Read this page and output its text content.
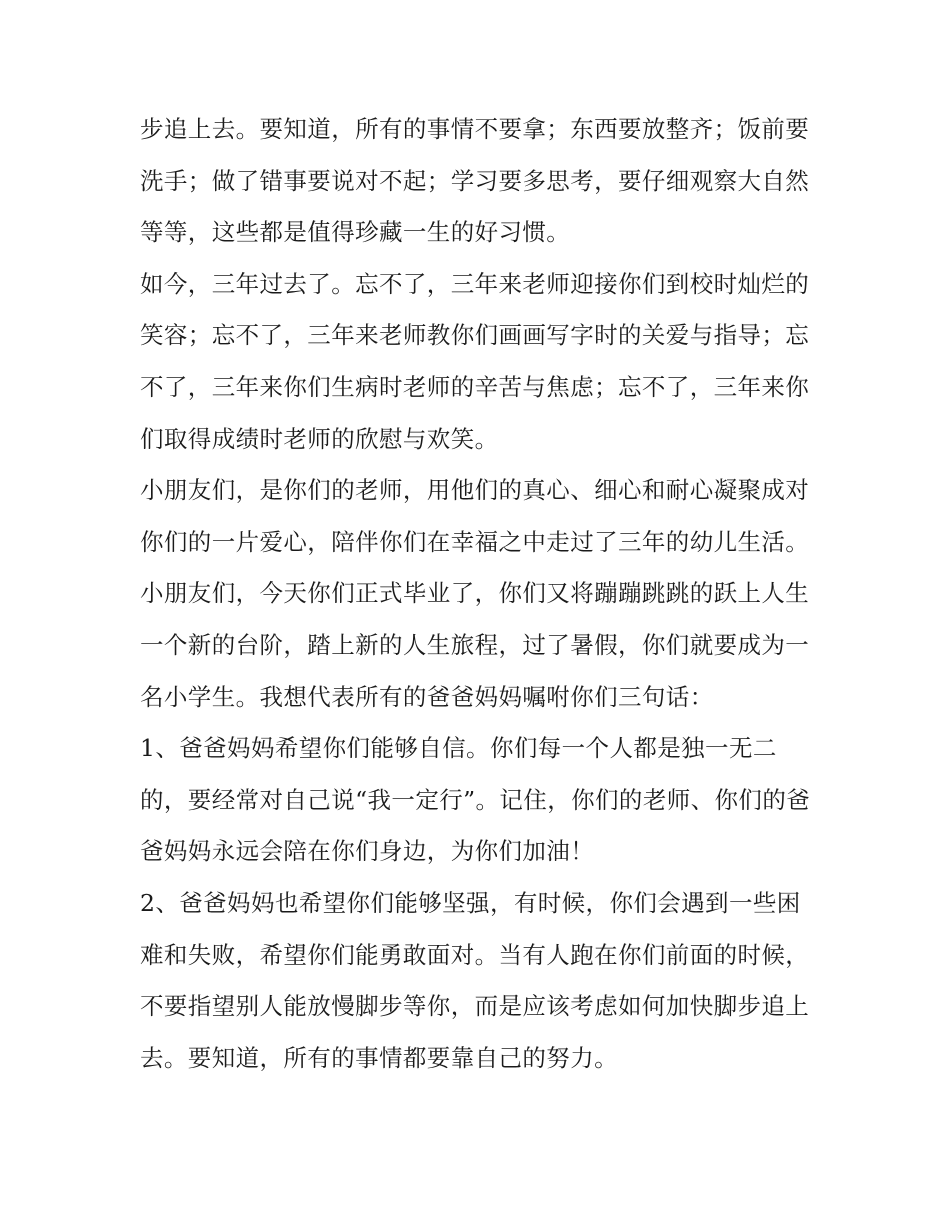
步追上去。要知道，所有的事情不要拿；东西要放整齐；饭前要洗手；做了错事要说对不起；学习要多思考，要仔细观察大自然等等，这些都是值得珍藏一生的好习惯。

如今，三年过去了。忘不了，三年来老师迎接你们到校时灿烂的笑容；忘不了，三年来老师教你们画画写字时的关爱与指导；忘不了，三年来你们生病时老师的辛苦与焦虑；忘不了，三年来你们取得成绩时老师的欣慰与欢笑。

小朋友们，是你们的老师，用他们的真心、细心和耐心凝聚成对你们的一片爱心，陪伴你们在幸福之中走过了三年的幼儿生活。

小朋友们，今天你们正式毕业了，你们又将蹦蹦跳跳的跃上人生一个新的台阶，踏上新的人生旅程，过了暑假，你们就要成为一名小学生。我想代表所有的爸爸妈妈嘱咐你们三句话：

1、爸爸妈妈希望你们能够自信。你们每一个人都是独一无二的，要经常对自己说“我一定行”。记住，你们的老师、你们的爸爸妈妈永远会陪在你们身边，为你们加油！

2、爸爸妈妈也希望你们能够坚强，有时候，你们会遇到一些困难和失败，希望你们能勇敢面对。当有人跑在你们前面的时候，不要指望别人能放慢脚步等你，而是应该考虑如何加快脚步追上去。要知道，所有的事情都要靠自己的努力。
